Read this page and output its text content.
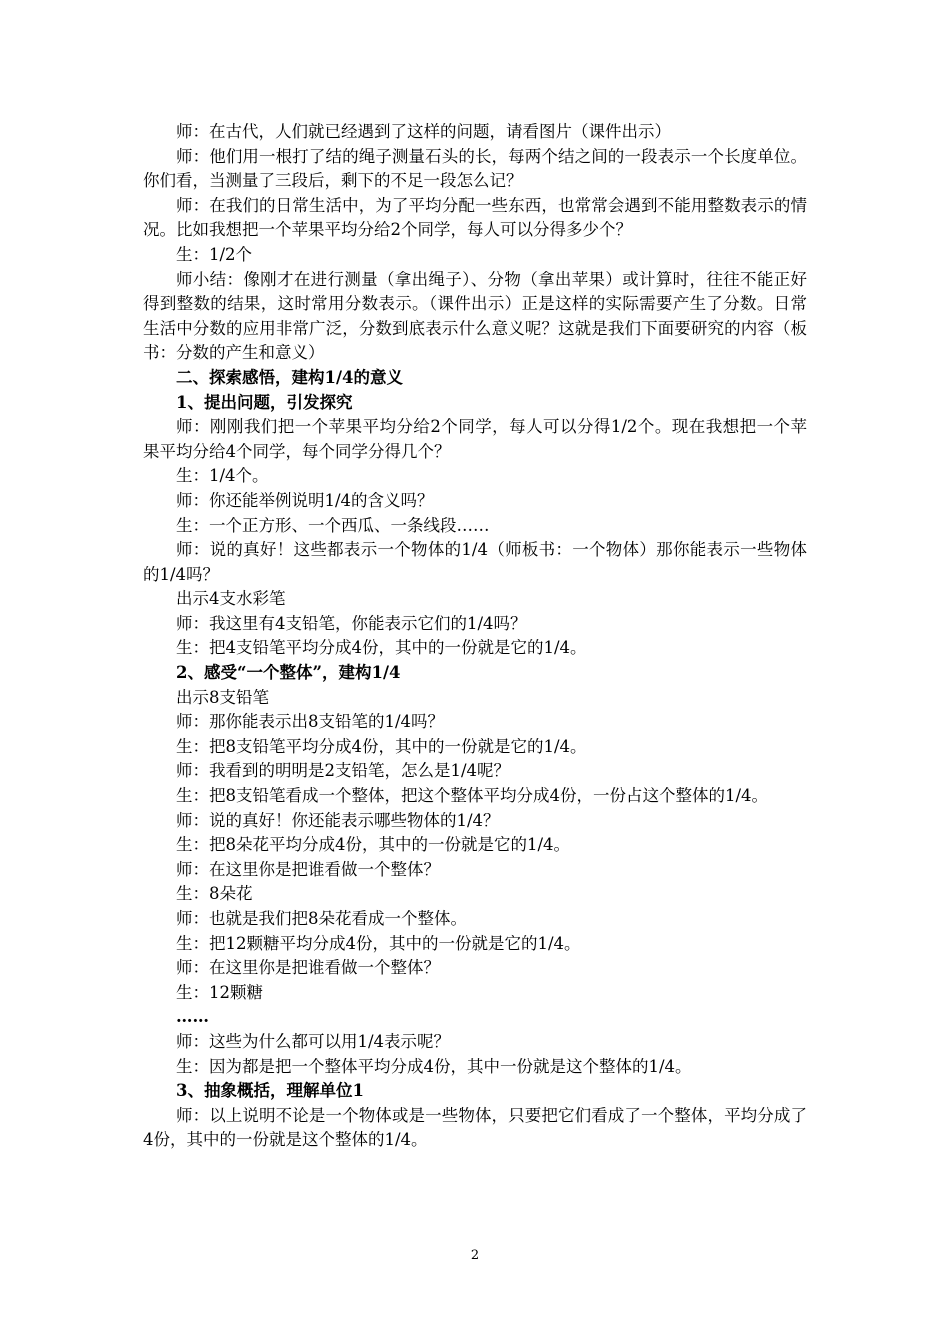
师：在古代，人们就已经遇到了这样的问题，请看图片（课件出示）

师：他们用一根打了结的绳子测量石头的长，每两个结之间的一段表示一个长度单位。你们看，当测量了三段后，剩下的不足一段怎么记？

师：在我们的日常生活中，为了平均分配一些东西，也常常会遇到不能用整数表示的情况。比如我想把一个苹果平均分给2个同学，每人可以分得多少个？

生：1/2个

师小结：像刚才在进行测量（拿出绳子）、分物（拿出苹果）或计算时，往往不能正好得到整数的结果，这时常用分数表示。（课件出示）正是这样的实际需要产生了分数。日常生活中分数的应用非常广泛，分数到底表示什么意义呢？这就是我们下面要研究的内容（板书：分数的产生和意义）

二、探索感悟，建构1/4的意义

1、提出问题，引发探究

师：刚刚我们把一个苹果平均分给2个同学，每人可以分得1/2个。现在我想把一个苹果平均分给4个同学，每个同学分得几个？

生：1/4个。

师：你还能举例说明1/4的含义吗？

生：一个正方形、一个西瓜、一条线段……

师：说的真好！这些都表示一个物体的1/4（师板书：一个物体）那你能表示一些物体的1/4吗？

出示4支水彩笔

师：我这里有4支铅笔，你能表示它们的1/4吗？

生：把4支铅笔平均分成4份，其中的一份就是它的1/4。

2、感受“一个整体”，建构1/4

出示8支铅笔

师：那你能表示出8支铅笔的1/4吗？

生：把8支铅笔平均分成4份，其中的一份就是它的1/4。

师：我看到的明明是2支铅笔，怎么是1/4呢？

生：把8支铅笔看成一个整体，把这个整体平均分成4份，一份占这个整体的1/4。

师：说的真好！你还能表示哪些物体的1/4？

生：把8朵花平均分成4份，其中的一份就是它的1/4。

师：在这里你是把谁看做一个整体？

生：8朵花

师：也就是我们把8朵花看成一个整体。

生：把12颗糖平均分成4份，其中的一份就是它的1/4。

师：在这里你是把谁看做一个整体？

生：12颗糖

……

师：这些为什么都可以用1/4表示呢？

生：因为都是把一个整体平均分成4份，其中一份就是这个整体的1/4。

3、抽象概括，理解单位1

师：以上说明不论是一个物体或是一些物体，只要把它们看成了一个整体，平均分成了4份，其中的一份就是这个整体的1/4。

2
